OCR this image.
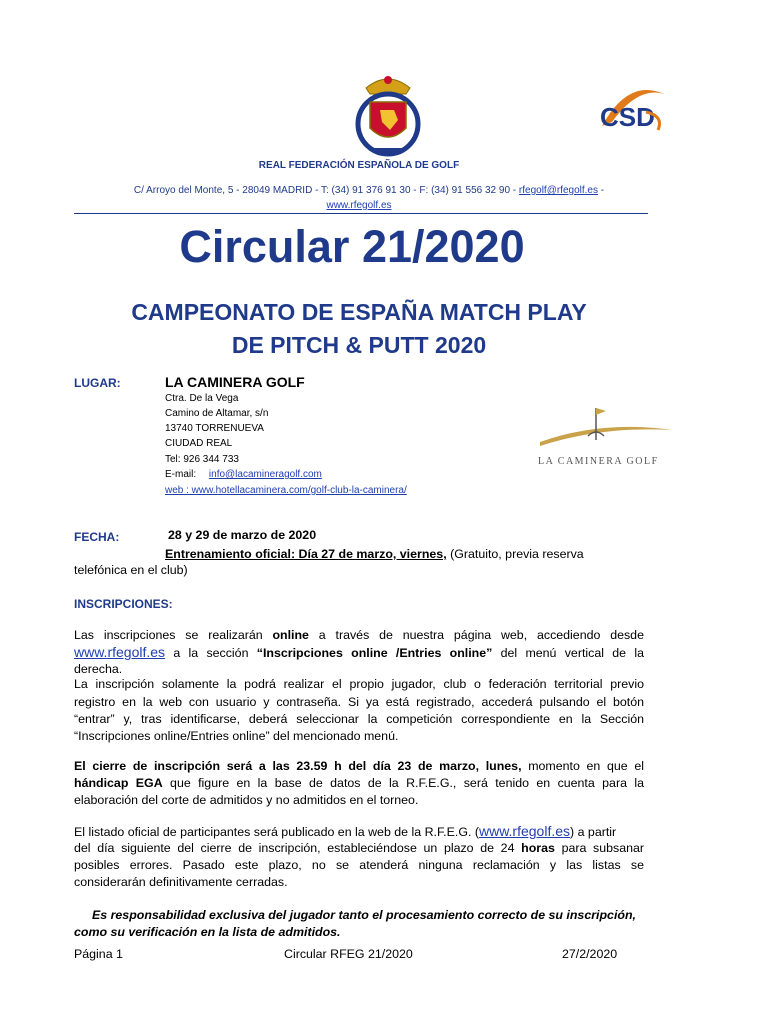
CSD
REAL FEDERACIÓN ESPAÑOLA DE GOLF
C/ Arroyo del Monte, 5 - 28049 MADRID - T: (34) 91 376 91 30 - F: (34) 91 556 32 90 - rfegolf@rfegolf.es -
www.rfegolf.es
Circular 21/2020
CAMPEONATO DE ESPAÑA MATCH PLAY
DE PITCH & PUTT 2020
LUGAR:	LA CAMINERA GOLF
Ctra. De la Vega
Camino de Altamar, s/n
13740 TORRENUEVA
CIUDAD REAL
Tel: 926 344 733
E-mail: info@lacamineragolf.com
web : www.hotellacaminera.com/golf-club-la-caminera/
LA CAMINERA GOLF
FECHA:	28 y 29 de marzo de 2020
Entrenamiento oficial: Día 27 de marzo, viernes, (Gratuito, previa reserva
telefónica en el club)
INSCRIPCIONES:
Las inscripciones se realizarán online a través de nuestra página web, accediendo desde
www.rfegolf.es a la sección “Inscripciones online /Entries online” del menú vertical de la
derecha.
La inscripción solamente la podrá realizar el propio jugador, club o federación territorial previo
registro en la web con usuario y contraseña. Si ya está registrado, accederá pulsando el botón
“entrar” y, tras identificarse, deberá seleccionar la competición correspondiente en la Sección
“Inscripciones online/Entries online” del mencionado menú.
El cierre de inscripción será a las 23.59 h del día 23 de marzo, lunes, momento en que el
hándicap EGA que figure en la base de datos de la R.F.E.G., será tenido en cuenta para la
elaboración del corte de admitidos y no admitidos en el torneo.
El listado oficial de participantes será publicado en la web de la R.F.E.G. (www.rfegolf.es) a partir
del día siguiente del cierre de inscripción, estableciéndose un plazo de 24 horas para subsanar
posibles errores. Pasado este plazo, no se atenderá ninguna reclamación y las listas se
considerarán definitivamente cerradas.
Es responsabilidad exclusiva del jugador tanto el procesamiento correcto de su inscripción,
como su verificación en la lista de admitidos.
Página 1	Circular RFEG 21/2020	27/2/2020
